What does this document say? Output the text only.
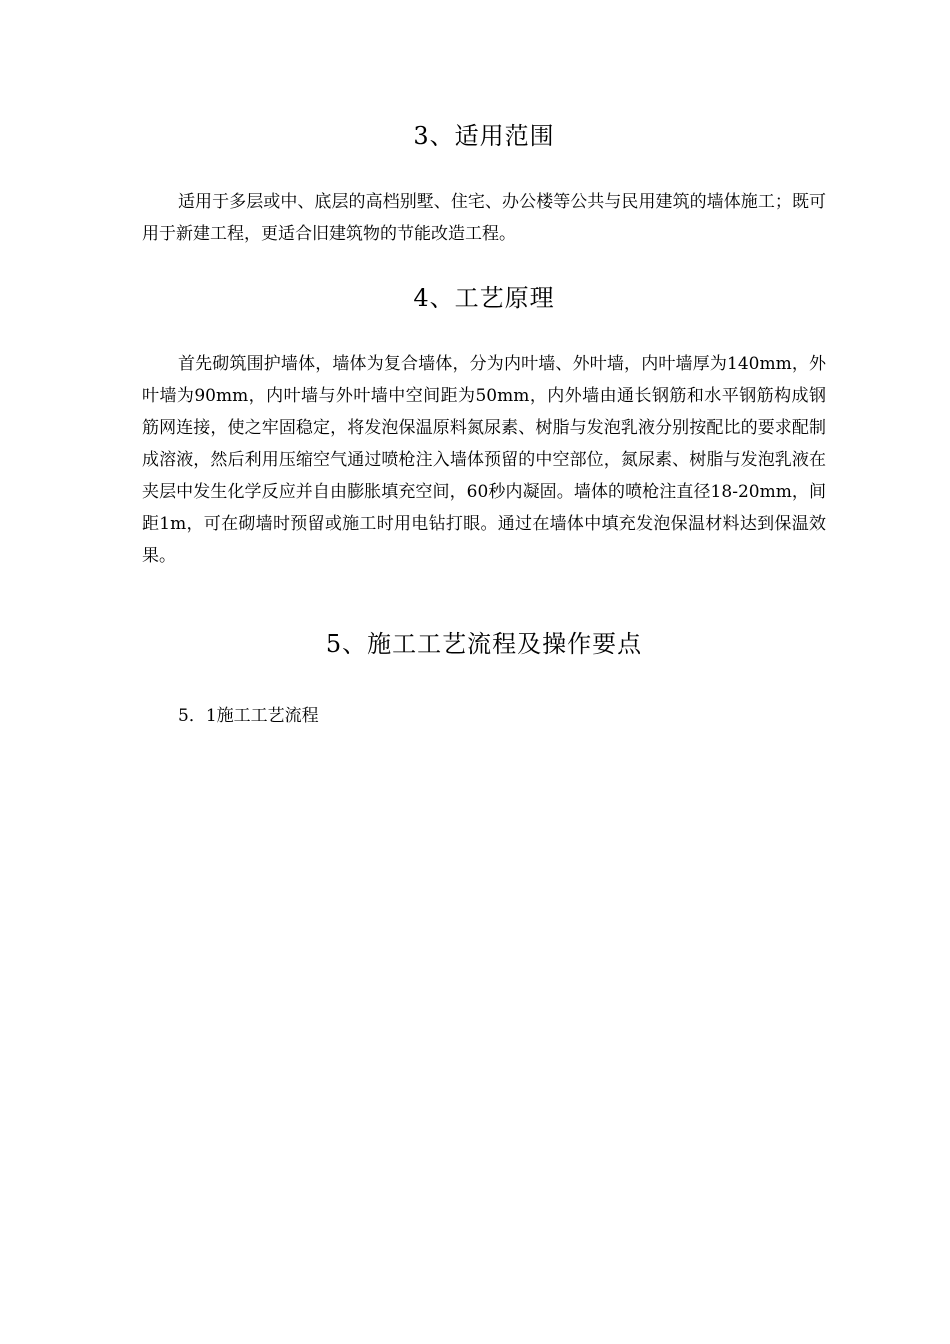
3、适用范围

适用于多层或中、底层的高档别墅、住宅、办公楼等公共与民用建筑的墙体施工；既可用于新建工程，更适合旧建筑物的节能改造工程。

4、工艺原理

首先砌筑围护墙体，墙体为复合墙体，分为内叶墙、外叶墙，内叶墙厚为140mm，外叶墙为90mm，内叶墙与外叶墙中空间距为50mm，内外墙由通长钢筋和水平钢筋构成钢筋网连接，使之牢固稳定，将发泡保温原料氮尿素、树脂与发泡乳液分别按配比的要求配制成溶液，然后利用压缩空气通过喷枪注入墙体预留的中空部位，氮尿素、树脂与发泡乳液在夹层中发生化学反应并自由膨胀填充空间，60秒内凝固。墙体的喷枪注直径18-20mm，间距1m，可在砌墙时预留或施工时用电钻打眼。通过在墙体中填充发泡保温材料达到保温效果。

5、施工工艺流程及操作要点

5．1施工工艺流程
